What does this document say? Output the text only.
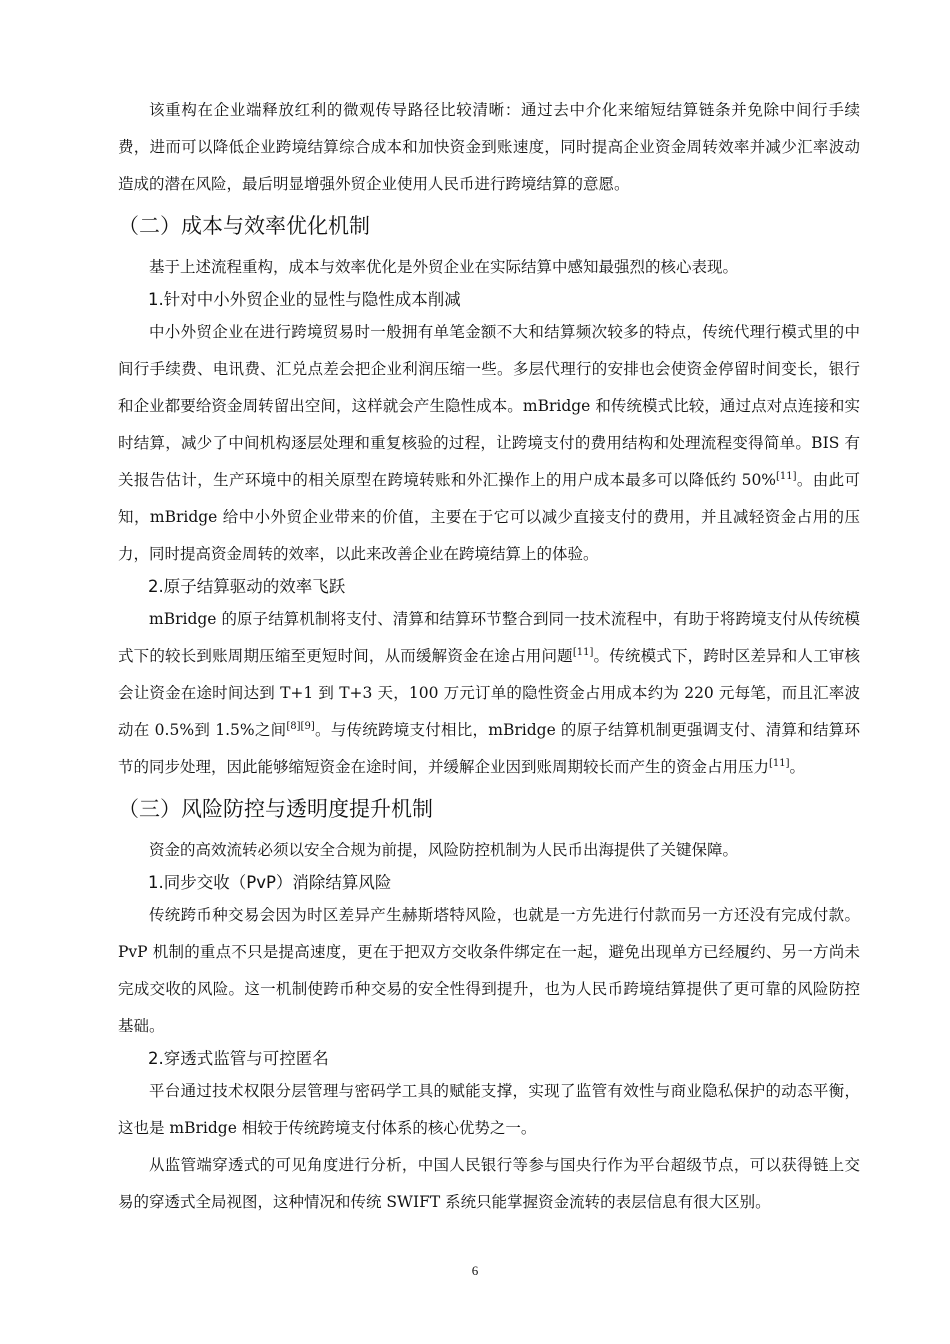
该重构在企业端释放红利的微观传导路径比较清晰：通过去中介化来缩短结算链条并免除中间行手续费，进而可以降低企业跨境结算综合成本和加快资金到账速度，同时提高企业资金周转效率并减少汇率波动造成的潜在风险，最后明显增强外贸企业使用人民币进行跨境结算的意愿。

（二）成本与效率优化机制

基于上述流程重构，成本与效率优化是外贸企业在实际结算中感知最强烈的核心表现。

1.针对中小外贸企业的显性与隐性成本削减

中小外贸企业在进行跨境贸易时一般拥有单笔金额不大和结算频次较多的特点，传统代理行模式里的中间行手续费、电讯费、汇兑点差会把企业利润压缩一些。多层代理行的安排也会使资金停留时间变长，银行和企业都要给资金周转留出空间，这样就会产生隐性成本。mBridge 和传统模式比较，通过点对点连接和实时结算，减少了中间机构逐层处理和重复核验的过程，让跨境支付的费用结构和处理流程变得简单。BIS 有关报告估计，生产环境中的相关原型在跨境转账和外汇操作上的用户成本最多可以降低约 50%[11]。由此可知，mBridge 给中小外贸企业带来的价值，主要在于它可以减少直接支付的费用，并且减轻资金占用的压力，同时提高资金周转的效率，以此来改善企业在跨境结算上的体验。

2.原子结算驱动的效率飞跃

mBridge 的原子结算机制将支付、清算和结算环节整合到同一技术流程中，有助于将跨境支付从传统模式下的较长到账周期压缩至更短时间，从而缓解资金在途占用问题[11]。传统模式下，跨时区差异和人工审核会让资金在途时间达到 T+1 到 T+3 天，100 万元订单的隐性资金占用成本约为 220 元每笔，而且汇率波动在 0.5%到 1.5%之间[8][9]。与传统跨境支付相比，mBridge 的原子结算机制更强调支付、清算和结算环节的同步处理，因此能够缩短资金在途时间，并缓解企业因到账周期较长而产生的资金占用压力[11]。

（三）风险防控与透明度提升机制

资金的高效流转必须以安全合规为前提，风险防控机制为人民币出海提供了关键保障。

1.同步交收（PvP）消除结算风险

传统跨币种交易会因为时区差异产生赫斯塔特风险，也就是一方先进行付款而另一方还没有完成付款。PvP 机制的重点不只是提高速度，更在于把双方交收条件绑定在一起，避免出现单方已经履约、另一方尚未完成交收的风险。这一机制使跨币种交易的安全性得到提升，也为人民币跨境结算提供了更可靠的风险防控基础。

2.穿透式监管与可控匿名

平台通过技术权限分层管理与密码学工具的赋能支撑，实现了监管有效性与商业隐私保护的动态平衡，这也是 mBridge 相较于传统跨境支付体系的核心优势之一。

从监管端穿透式的可见角度进行分析，中国人民银行等参与国央行作为平台超级节点，可以获得链上交易的穿透式全局视图，这种情况和传统 SWIFT 系统只能掌握资金流转的表层信息有很大区别。

6
